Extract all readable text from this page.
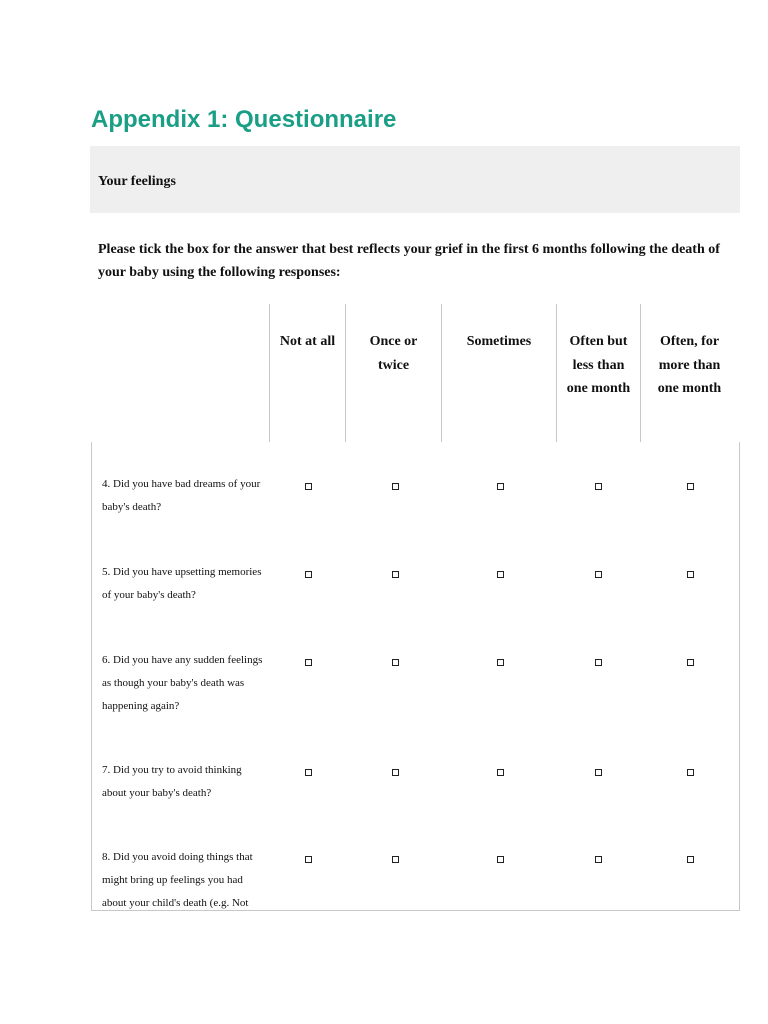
Appendix 1: Questionnaire
Your feelings

Please tick the box for the answer that best reflects your grief in the first 6 months following the death of your baby using the following responses:

Not at all	Once or twice
Sometimes	Often but less than one month
Often, for more than one month
4. Did you have bad dreams of your baby's death?
5. Did you have upsetting memories of your baby's death?
6. Did you have any sudden feelings as though your baby's death was happening again?
7. Did you try to avoid thinking about your baby's death?
8. Did you avoid doing things that might bring up feelings you had about your child's death (e.g. Not
